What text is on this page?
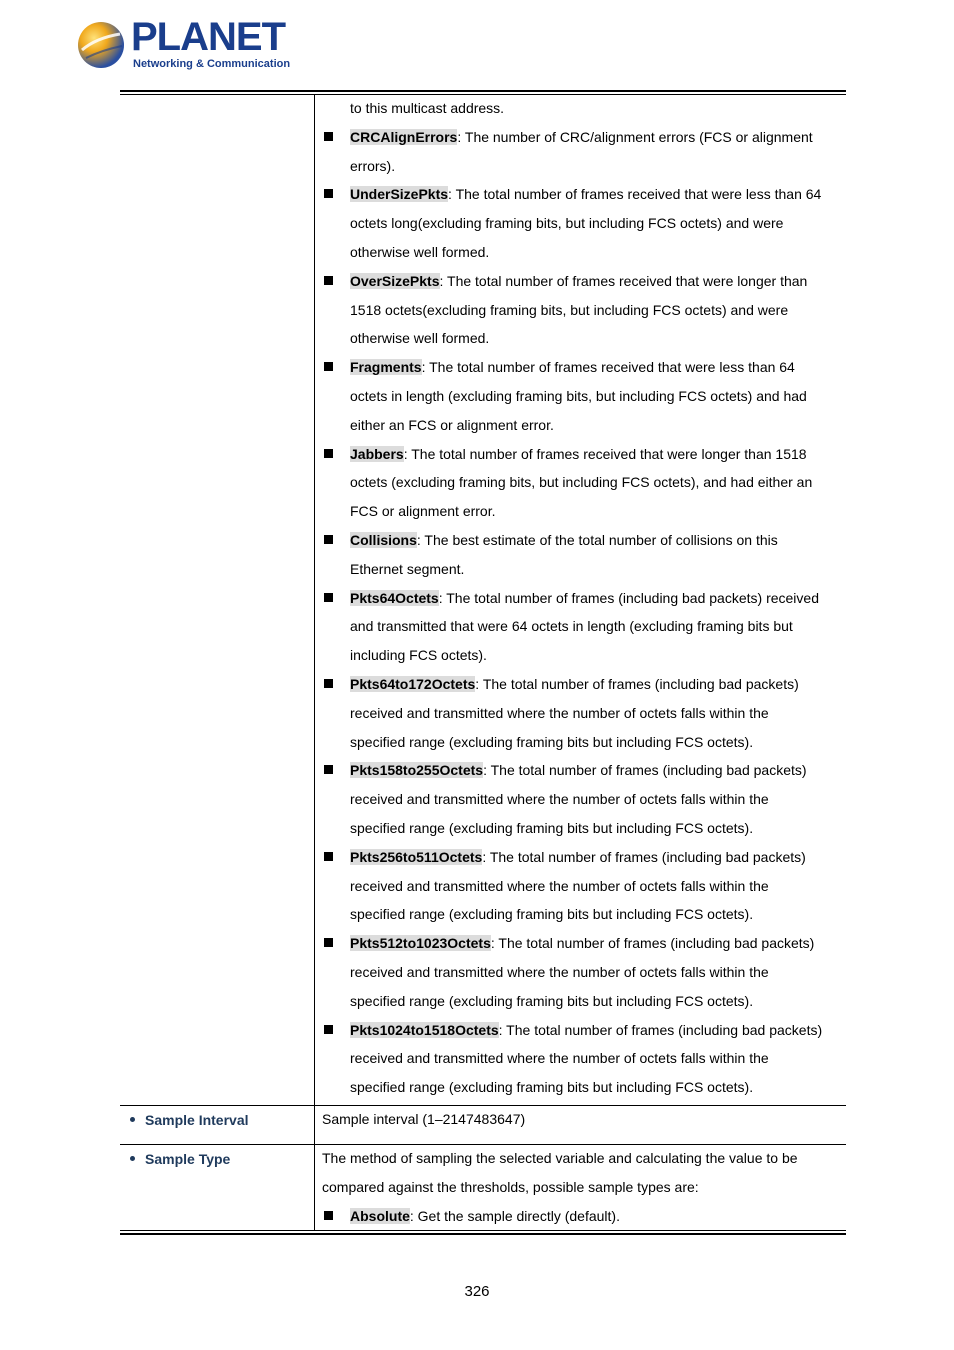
PLANET
Networking & Communication
to this multicast address.
CRCAlignErrors: The number of CRC/alignment errors (FCS or alignment
errors).
UnderSizePkts: The total number of frames received that were less than 64
octets long(excluding framing bits, but including FCS octets) and were
otherwise well formed.
OverSizePkts: The total number of frames received that were longer than
1518 octets(excluding framing bits, but including FCS octets) and were
otherwise well formed.
Fragments: The total number of frames received that were less than 64
octets in length (excluding framing bits, but including FCS octets) and had
either an FCS or alignment error.
Jabbers: The total number of frames received that were longer than 1518
octets (excluding framing bits, but including FCS octets), and had either an
FCS or alignment error.
Collisions: The best estimate of the total number of collisions on this
Ethernet segment.
Pkts64Octets: The total number of frames (including bad packets) received
and transmitted that were 64 octets in length (excluding framing bits but
including FCS octets).
Pkts64to172Octets: The total number of frames (including bad packets)
received and transmitted where the number of octets falls within the
specified range (excluding framing bits but including FCS octets).
Pkts158to255Octets: The total number of frames (including bad packets)
received and transmitted where the number of octets falls within the
specified range (excluding framing bits but including FCS octets).
Pkts256to511Octets: The total number of frames (including bad packets)
received and transmitted where the number of octets falls within the
specified range (excluding framing bits but including FCS octets).
Pkts512to1023Octets: The total number of frames (including bad packets)
received and transmitted where the number of octets falls within the
specified range (excluding framing bits but including FCS octets).
Pkts1024to1518Octets: The total number of frames (including bad packets)
received and transmitted where the number of octets falls within the
specified range (excluding framing bits but including FCS octets).
Sample Interval	Sample interval (1–2147483647)
Sample Type	The method of sampling the selected variable and calculating the value to be
compared against the thresholds, possible sample types are:
Absolute: Get the sample directly (default).
326
